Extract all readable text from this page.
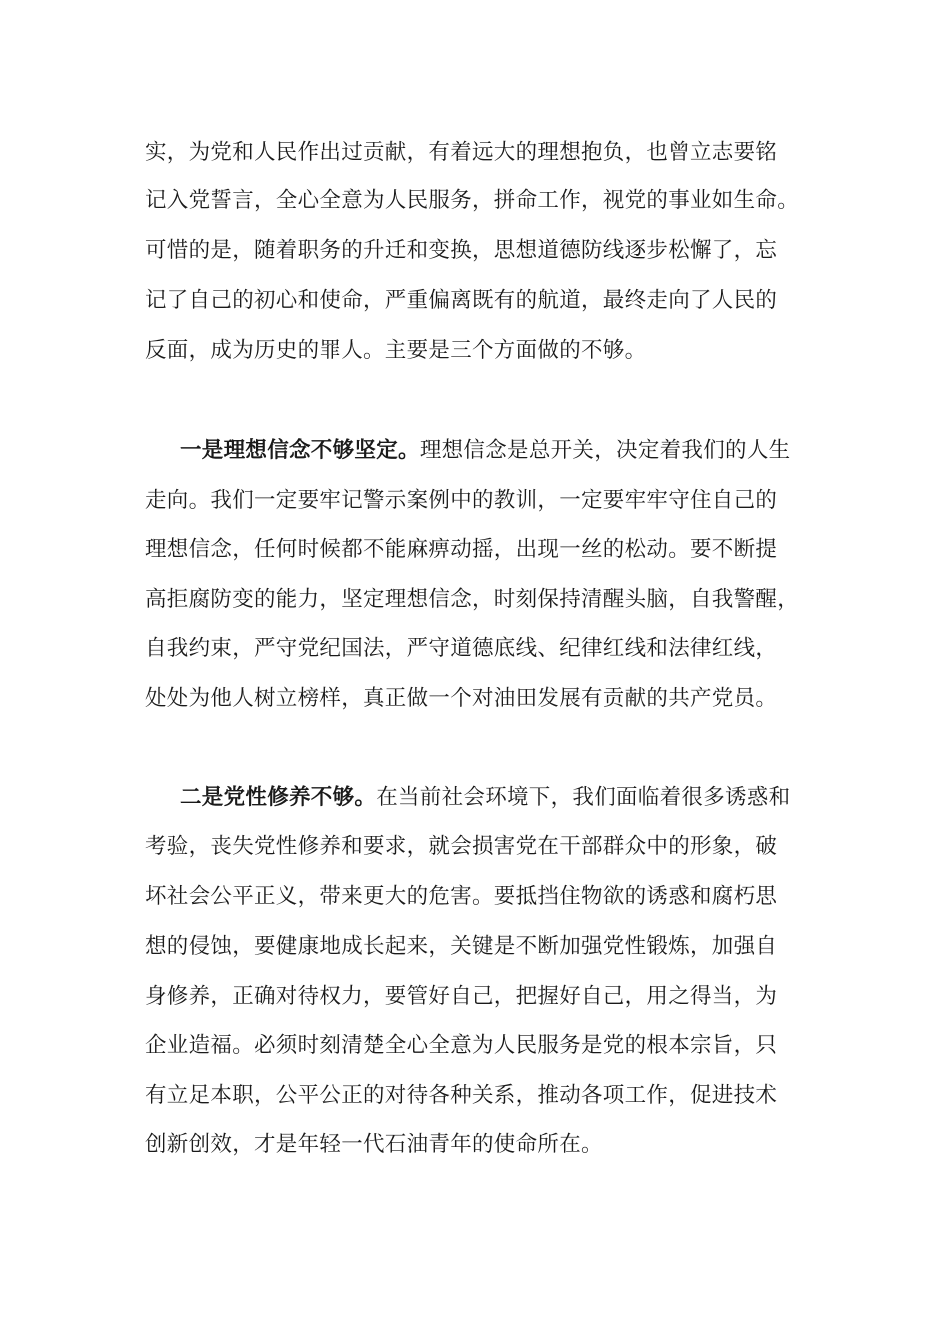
实，为党和人民作出过贡献，有着远大的理想抱负，也曾立志要铭
记入党誓言，全心全意为人民服务，拼命工作，视党的事业如生命。
可惜的是，随着职务的升迁和变换，思想道德防线逐步松懈了，忘
记了自己的初心和使命，严重偏离既有的航道，最终走向了人民的
反面，成为历史的罪人。主要是三个方面做的不够。
一是理想信念不够坚定。理想信念是总开关，决定着我们的人生
走向。我们一定要牢记警示案例中的教训，一定要牢牢守住自己的
理想信念，任何时候都不能麻痹动摇，出现一丝的松动。要不断提
高拒腐防变的能力，坚定理想信念，时刻保持清醒头脑，自我警醒，
自我约束，严守党纪国法，严守道德底线、纪律红线和法律红线，
处处为他人树立榜样，真正做一个对油田发展有贡献的共产党员。
二是党性修养不够。在当前社会环境下，我们面临着很多诱惑和
考验，丧失党性修养和要求，就会损害党在干部群众中的形象，破
坏社会公平正义，带来更大的危害。要抵挡住物欲的诱惑和腐朽思
想的侵蚀，要健康地成长起来，关键是不断加强党性锻炼，加强自
身修养，正确对待权力，要管好自己，把握好自己，用之得当，为
企业造福。必须时刻清楚全心全意为人民服务是党的根本宗旨，只
有立足本职，公平公正的对待各种关系，推动各项工作，促进技术
创新创效，才是年轻一代石油青年的使命所在。
